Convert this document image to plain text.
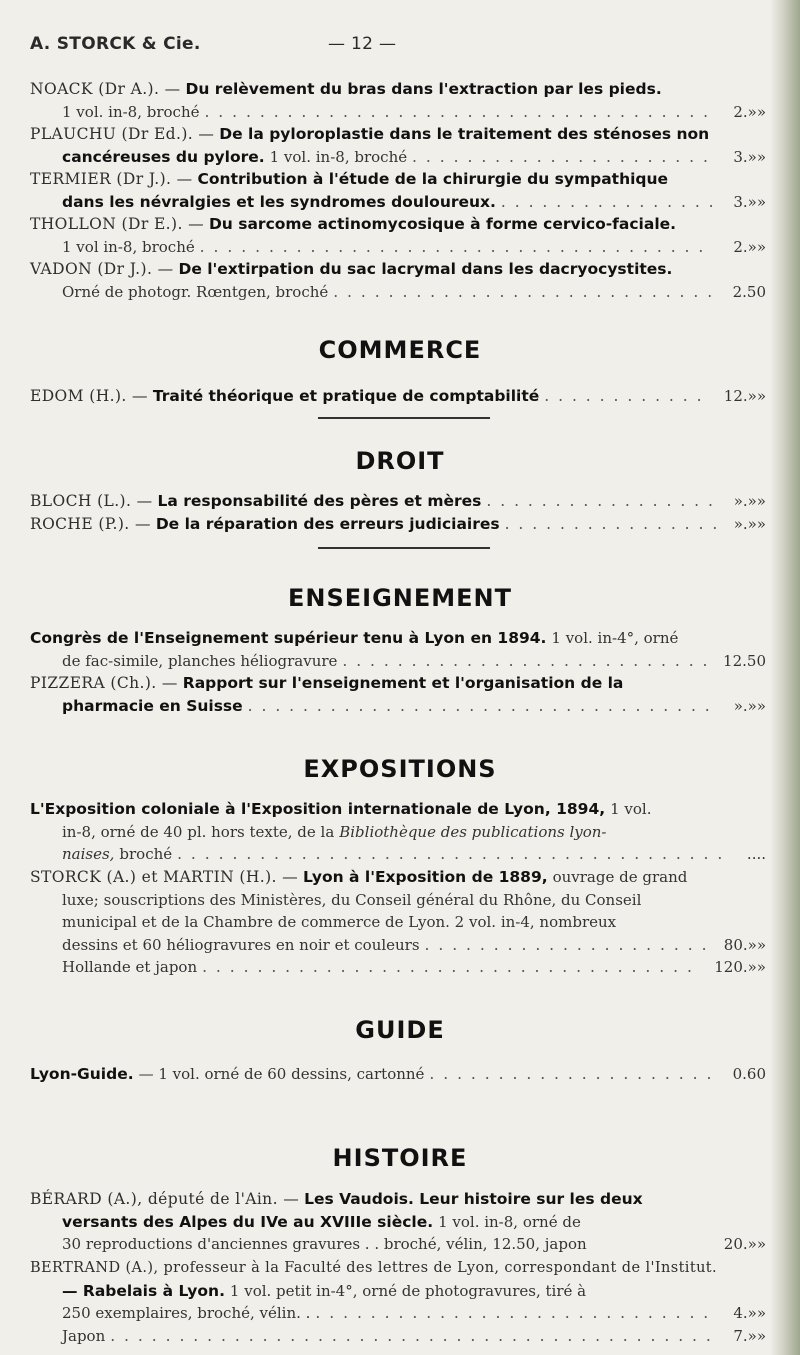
A. STORCK & Cie.	— 12 —
NOACK (Dr A.). — Du relèvement du bras dans l'extraction par les pieds.
1 vol. in-8, broché . . . . . . . . . . . . . . . . . . . . . . . . . . . . . . . . . . . . . 2.»»
PLAUCHU (Dr Ed.). — De la pyloroplastie dans le traitement des sténoses non
cancéreuses du pylore. 1 vol. in-8, broché . . . . . . . . . . . . . . . . . . . . . . 3.»»
TERMIER (Dr J.). — Contribution à l'étude de la chirurgie du sympathique
dans les névralgies et les syndromes douloureux. . . . . . . . . . . . . . . . . 3.»»
THOLLON (Dr E.). — Du sarcome actinomycosique à forme cervico-faciale.
1 vol in-8, broché . . . . . . . . . . . . . . . . . . . . . . . . . . . . . . . . . . . . . 2.»»
VADON (Dr J.). — De l'extirpation du sac lacrymal dans les dacryocystites.
Orné de photogr. Rœntgen, broché . . . . . . . . . . . . . . . . . . . . . . . . . . . . 2.50
COMMERCE
EDOM (H.). — Traité théorique et pratique de comptabilité . . . . . . . . . . . . 12.»»
DROIT
BLOCH (L.). — La responsabilité des pères et mères . . . . . . . . . . . . . . . . . ».»»
ROCHE (P.). — De la réparation des erreurs judiciaires . . . . . . . . . . . . . . . . ».»»
ENSEIGNEMENT
Congrès de l'Enseignement supérieur tenu à Lyon en 1894. 1 vol. in-4°, orné
de fac-simile, planches héliogravure . . . . . . . . . . . . . . . . . . . . . . . . . . . 12.50
PIZZERA (Ch.). — Rapport sur l'enseignement et l'organisation de la
pharmacie en Suisse . . . . . . . . . . . . . . . . . . . . . . . . . . . . . . . . . . ».»»
EXPOSITIONS
L'Exposition coloniale à l'Exposition internationale de Lyon, 1894, 1 vol.
in-8, orné de 40 pl. hors texte, de la Bibliothèque des publications lyon-
naises, broché . . . . . . . . . . . . . . . . . . . . . . . . . . . . . . . . . . . . . . . . ....
STORCK (A.) et MARTIN (H.). — Lyon à l'Exposition de 1889, ouvrage de grand
luxe; souscriptions des Ministères, du Conseil général du Rhône, du Conseil
municipal et de la Chambre de commerce de Lyon. 2 vol. in-4, nombreux
dessins et 60 héliogravures en noir et couleurs . . . . . . . . . . . . . . . . . . . . . 80.»»
Hollande et japon . . . . . . . . . . . . . . . . . . . . . . . . . . . . . . . . . . . . 120.»»
GUIDE
Lyon-Guide. — 1 vol. orné de 60 dessins, cartonné . . . . . . . . . . . . . . . . . . . . . 0.60
HISTOIRE
BÉRARD (A.), député de l'Ain. — Les Vaudois. Leur histoire sur les deux
versants des Alpes du IVe au XVIIIe siècle. 1 vol. in-8, orné de
30 reproductions d'anciennes gravures . . broché, vélin, 12.50, japon	20.»»
BERTRAND (A.), professeur à la Faculté des lettres de Lyon, correspondant de l'Institut.
— Rabelais à Lyon. 1 vol. petit in-4°, orné de photogravures, tiré à
250 exemplaires, broché, vélin. . . . . . . . . . . . . . . . . . . . . . . . . . . . . . . 4.»»
Japon . . . . . . . . . . . . . . . . . . . . . . . . . . . . . . . . . . . . . . . . . . . . 7.»»
